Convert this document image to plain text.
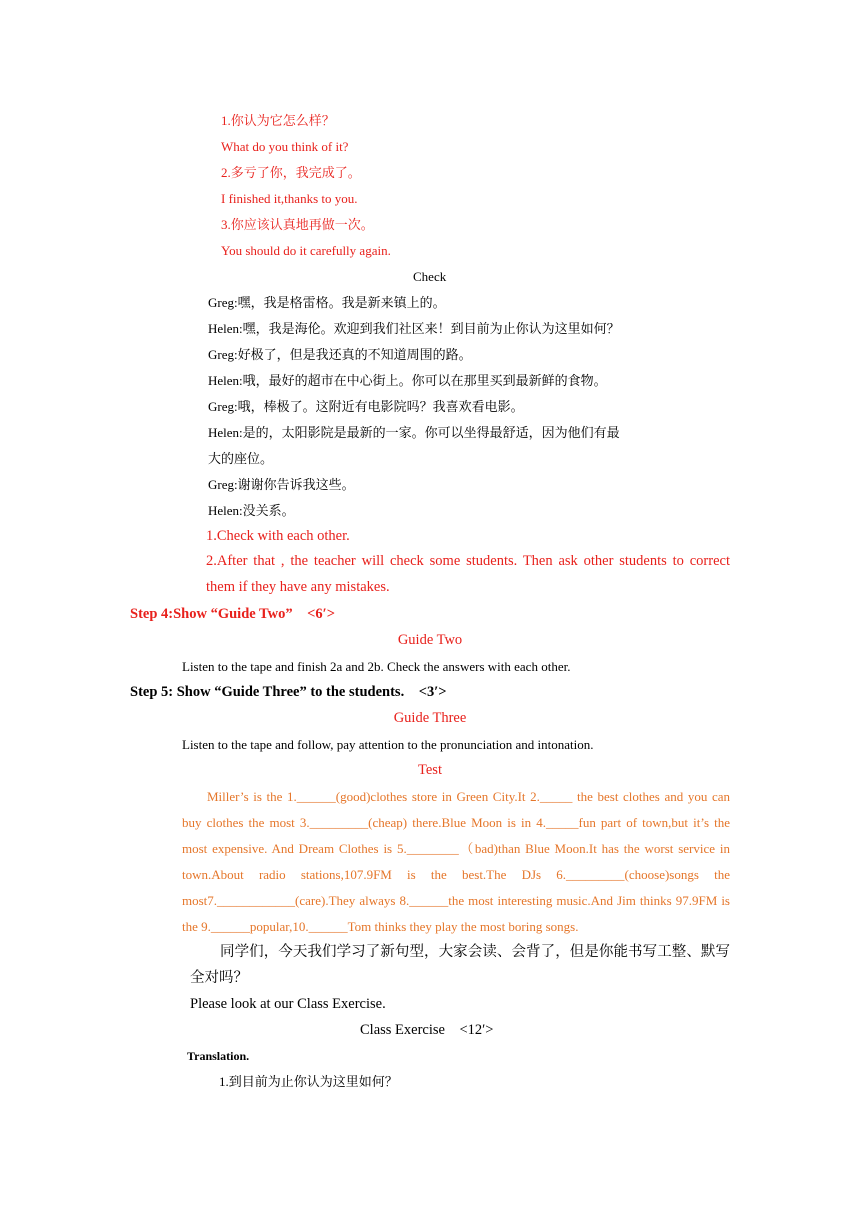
1.你认为它怎么样？
What do you think of it?
2.多亏了你，我完成了。
I finished it,thanks to you.
3.你应该认真地再做一次。
You should do it carefully again.
Check
Greg:嘿，我是格雷格。我是新来镇上的。
Helen:嘿，我是海伦。欢迎到我们社区来！到目前为止你认为这里如何？
Greg:好极了，但是我还真的不知道周围的路。
Helen:哦，最好的超市在中心街上。你可以在那里买到最新鲜的食物。
Greg:哦，棒极了。这附近有电影院吗？我喜欢看电影。
Helen:是的，太阳影院是最新的一家。你可以坐得最舒适，因为他们有最
大的座位。
Greg:谢谢你告诉我这些。
Helen:没关系。
1.Check with each other.
2.After that , the teacher will check some students. Then ask other students to correct them if they have any mistakes.
Step 4:Show “Guide Two”　<6′>
Guide Two
Listen to the tape and finish 2a and 2b. Check the answers with each other.
Step 5: Show “Guide Three” to the students.　<3′>
Guide Three
Listen to the tape and follow, pay attention to the pronunciation and intonation.
Test
Miller’s is the 1.______(good)clothes store in Green City.It 2._____ the best clothes and you can buy clothes the most 3._________(cheap) there.Blue Moon is in 4._____fun part of town,but it’s the most expensive. And Dream Clothes is 5.________（bad)than Blue Moon.It has the worst service in town.About radio stations,107.9FM is the best.The DJs 6._________(choose)songs the most7.____________(care).They always 8.______the most interesting music.And Jim thinks 97.9FM is the 9.______popular,10.______Tom thinks they play the most boring songs.
同学们，今天我们学习了新句型，大家会读、会背了，但是你能书写工整、默写全对吗？
Please look at our Class Exercise.
Class Exercise　<12′>
Translation.
1.到目前为止你认为这里如何？
